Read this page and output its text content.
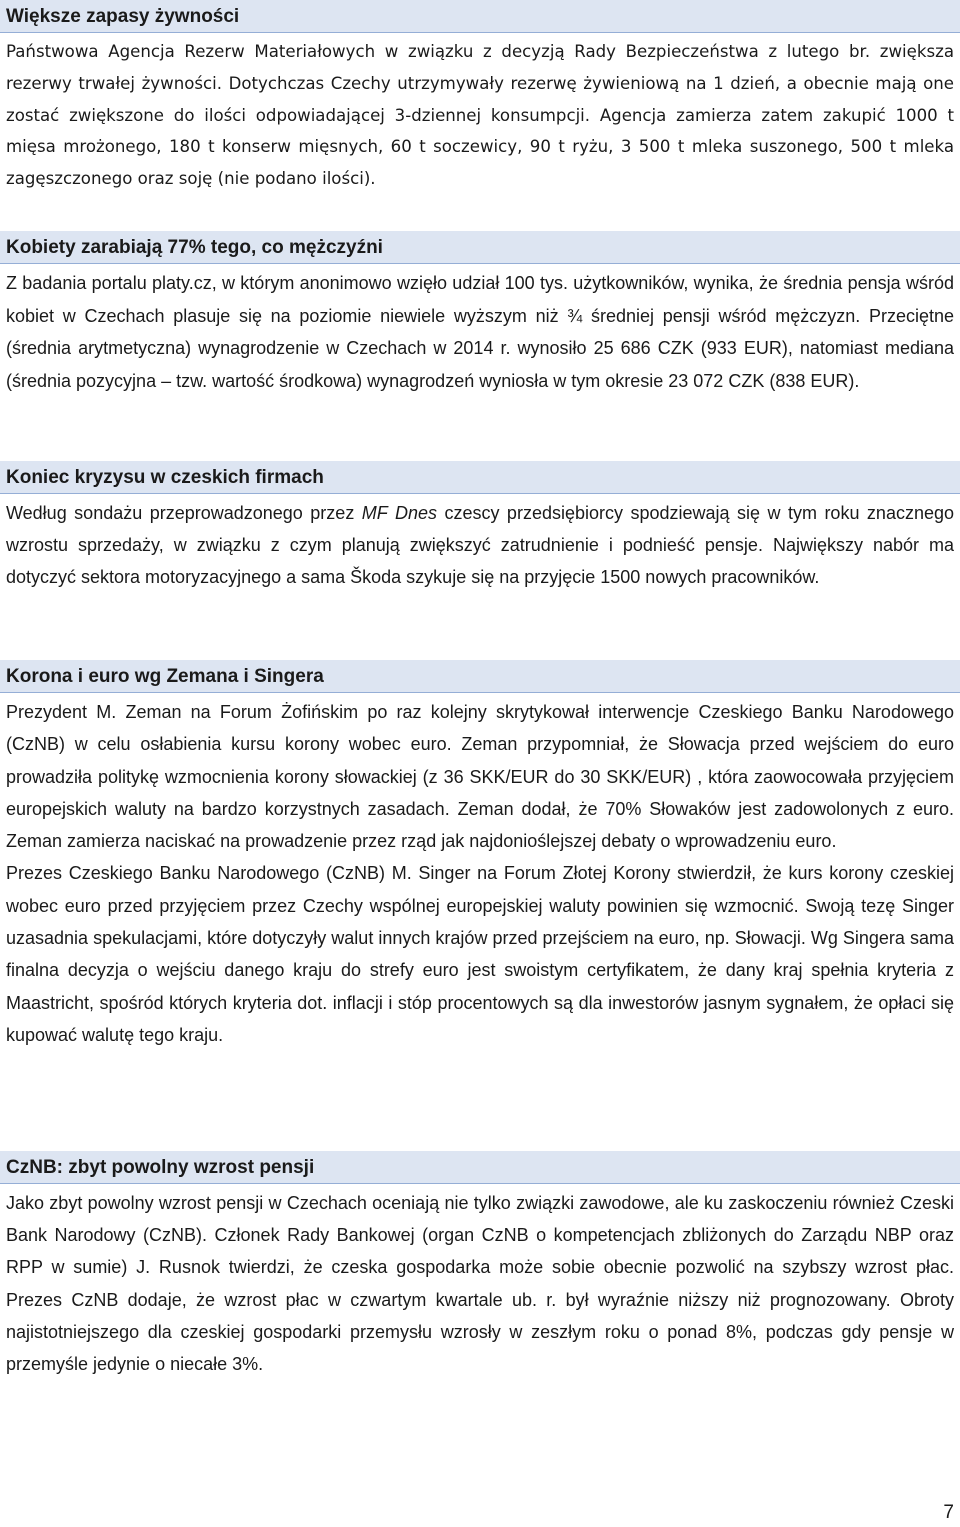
Większe zapasy żywności

Państwowa Agencja Rezerw Materiałowych w związku z decyzją Rady Bezpieczeństwa z lutego br. zwiększa rezerwy trwałej żywności. Dotychczas Czechy utrzymywały rezerwę żywieniową na 1 dzień, a obecnie mają one zostać zwiększone do ilości odpowiadającej 3-dziennej konsumpcji. Agencja zamierza zatem zakupić 1000 t mięsa mrożonego, 180 t konserw mięsnych, 60 t soczewicy, 90 t ryżu, 3 500 t mleka suszonego, 500 t mleka zagęszczonego oraz soję (nie podano ilości).

Kobiety zarabiają 77% tego, co mężczyźni

Z badania portalu platy.cz, w którym anonimowo wzięło udział 100 tys. użytkowników, wynika, że średnia pensja wśród kobiet w Czechach plasuje się na poziomie niewiele wyższym niż ¾ średniej pensji wśród mężczyzn. Przeciętne (średnia arytmetyczna) wynagrodzenie w Czechach w 2014 r. wynosiło 25 686 CZK (933 EUR), natomiast mediana (średnia pozycyjna – tzw. wartość środkowa) wynagrodzeń wyniosła w tym okresie 23 072 CZK (838 EUR).

Koniec kryzysu w czeskich firmach

Według sondażu przeprowadzonego przez MF Dnes czescy przedsiębiorcy spodziewają się w tym roku znacznego wzrostu sprzedaży, w związku z czym planują zwiększyć zatrudnienie i podnieść pensje. Największy nabór ma dotyczyć sektora motoryzacyjnego a sama Škoda szykuje się na przyjęcie 1500 nowych pracowników.

Korona i euro wg Zemana i Singera

Prezydent M. Zeman na Forum Żofińskim po raz kolejny skrytykował interwencje Czeskiego Banku Narodowego (CzNB) w celu osłabienia kursu korony wobec euro. Zeman przypomniał, że Słowacja przed wejściem do euro prowadziła politykę wzmocnienia korony słowackiej (z 36 SKK/EUR do 30 SKK/EUR) , która zaowocowała przyjęciem europejskich waluty na bardzo korzystnych zasadach. Zeman dodał, że 70% Słowaków jest zadowolonych z euro. Zeman zamierza naciskać na prowadzenie przez rząd jak najdonioślejszej debaty o wprowadzeniu euro.

Prezes Czeskiego Banku Narodowego (CzNB) M. Singer na Forum Złotej Korony stwierdził, że kurs korony czeskiej wobec euro przed przyjęciem przez Czechy wspólnej europejskiej waluty powinien się wzmocnić. Swoją tezę Singer uzasadnia spekulacjami, które dotyczyły walut innych krajów przed przejściem na euro, np. Słowacji. Wg Singera sama finalna decyzja o wejściu danego kraju do strefy euro jest swoistym certyfikatem, że dany kraj spełnia kryteria z Maastricht, spośród których kryteria dot. inflacji i stóp procentowych są dla inwestorów jasnym sygnałem, że opłaci się kupować walutę tego kraju.

CzNB: zbyt powolny wzrost pensji

Jako zbyt powolny wzrost pensji w Czechach oceniają nie tylko związki zawodowe, ale ku zaskoczeniu również Czeski Bank Narodowy (CzNB). Członek Rady Bankowej (organ CzNB o kompetencjach zbliżonych do Zarządu NBP oraz RPP w sumie) J. Rusnok twierdzi, że czeska gospodarka może sobie obecnie pozwolić na szybszy wzrost płac. Prezes CzNB dodaje, że wzrost płac w czwartym kwartale ub. r. był wyraźnie niższy niż prognozowany. Obroty najistotniejszego dla czeskiej gospodarki przemysłu wzrosły w zeszłym roku o ponad 8%, podczas gdy pensje w przemyśle jedynie o niecałe 3%.

7
